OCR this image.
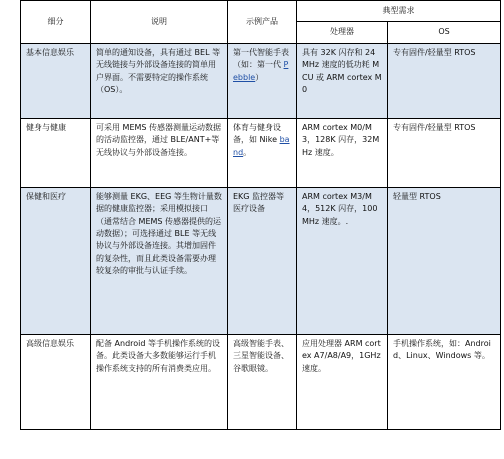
细分	说明	示例产品	典型需求	
			处理器	OS
基本信息娱乐	简单的通知设备，具有通过 BEL 等无线链接与外部设备连接的简单用户界面。不需要特定的操作系统（OS）。	第一代智能手表（如：第一代 Pebble）	具有 32K 闪存和 24MHz 速度的低功耗 MCU 或 ARM cortex M0	专有固件/轻量型 RTOS
健身与健康	可采用 MEMS 传感器测量运动数据的活动监控器，通过 BLE/ANT+等无线协议与外部设备连接。	体育与健身设备，如 Nike band。	ARM cortex M0/M3，128K 闪存，32MHz 速度。	专有固件/轻量型 RTOS
保健和医疗	能够测量 EKG、EEG 等生物计量数据的健康监控器；采用模拟接口（通常结合 MEMS 传感器提供的运动数据）；可选择通过 BLE 等无线协议与外部设备连接。其增加固件的复杂性，而且此类设备需要办理较复杂的审批与认证手续。	EKG 监控器等医疗设备	ARM cortex M3/M4，512K 闪存，100MHz 速度。.	轻量型 RTOS
高级信息娱乐	配备 Android 等手机操作系统的设备。此类设备大多数能够运行手机操作系统支持的所有消费类应用。	高级智能手表、三星智能设备、谷歌眼镜。	应用处理器 ARM cortex A7/A8/A9，1GHz 速度。	手机操作系统，如：Android、Linux、Windows 等。
